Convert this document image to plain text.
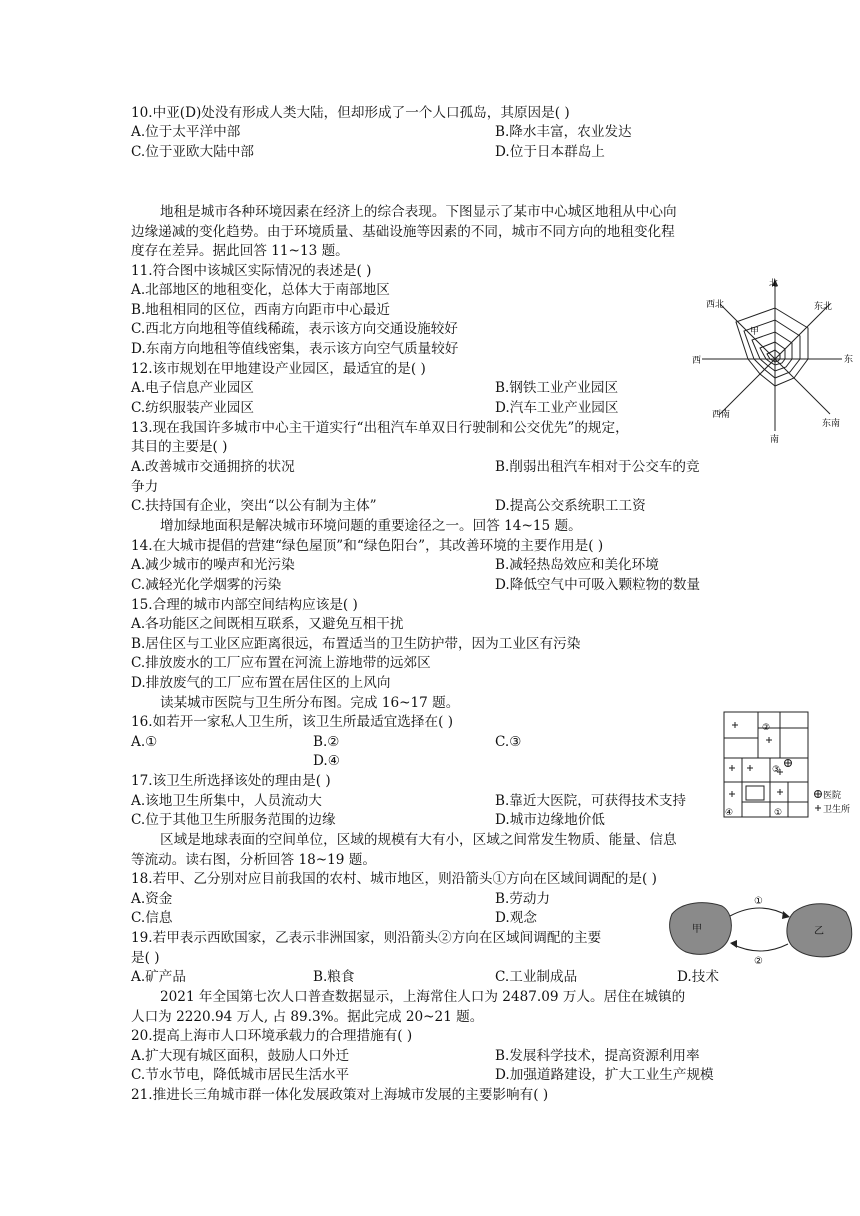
10.中亚(D)处没有形成人类大陆，但却形成了一个人口孤岛，其原因是( )
A.位于太平洋中部	B.降水丰富，农业发达
C.位于亚欧大陆中部	D.位于日本群岛上
地租是城市各种环境因素在经济上的综合表现。下图显示了某市中心城区地租从中心向
边缘递减的变化趋势。由于环境质量、基础设施等因素的不同，城市不同方向的地租变化程
度存在差异。据此回答 11~13 题。
11.符合图中该城区实际情况的表述是( )
A.北部地区的地租变化，总体大于南部地区
B.地租相同的区位，西南方向距市中心最近
C.西北方向地租等值线稀疏，表示该方向交通设施较好
D.东南方向地租等值线密集，表示该方向空气质量较好
12.该市规划在甲地建设产业园区，最适宜的是( )
A.电子信息产业园区	B.钢铁工业产业园区
C.纺织服装产业园区	D.汽车工业产业园区
13.现在我国许多城市中心主干道实行“出租汽车单双日行驶制和公交优先”的规定，
其目的主要是( )
A.改善城市交通拥挤的状况	B.削弱出租汽车相对于公交车的竞
争力
C.扶持国有企业，突出“以公有制为主体”	D.提高公交系统职工工资
增加绿地面积是解决城市环境问题的重要途径之一。回答 14~15 题。
14.在大城市提倡的营建“绿色屋顶”和“绿色阳台”，其改善环境的主要作用是( )
A.减少城市的噪声和光污染	B.减轻热岛效应和美化环境
C.减轻光化学烟雾的污染	D.降低空气中可吸入颗粒物的数量
15.合理的城市内部空间结构应该是( )
A.各功能区之间既相互联系，又避免互相干扰
B.居住区与工业区应距离很远，布置适当的卫生防护带，因为工业区有污染
C.排放废水的工厂应布置在河流上游地带的远郊区
D.排放废气的工厂应布置在居住区的上风向
读某城市医院与卫生所分布图。完成 16~17 题。
16.如若开一家私人卫生所，该卫生所最适宜选择在( )
A.①	B.②	C.③
D.④
17.该卫生所选择该处的理由是( )
A.该地卫生所集中，人员流动大	B.靠近大医院，可获得技术支持
C.位于其他卫生所服务范围的边缘	D.城市边缘地价低
区域是地球表面的空间单位，区域的规模有大有小，区域之间常发生物质、能量、信息
等流动。读右图，分析回答 18~19 题。
18.若甲、乙分别对应目前我国的农村、城市地区，则沿箭头①方向在区域间调配的是( )
A.资金	B.劳动力
C.信息	D.观念
19.若甲表示西欧国家，乙表示非洲国家，则沿箭头②方向在区域间调配的主要
是( )
A.矿产品	B.粮食	C.工业制成品	D.技术
2021 年全国第七次人口普查数据显示，上海常住人口为 2487.09 万人。居住在城镇的
人口为 2220.94 万人, 占 89.3%。据此完成 20~21 题。
20.提高上海市人口环境承载力的合理措施有( )
A.扩大现有城区面积，鼓励人口外迁	B.发展科学技术，提高资源利用率
C.节水节电，降低城市居民生活水平	D.加强道路建设，扩大工业生产规模
21.推进长三角城市群一体化发展政策对上海城市发展的主要影响有( )
北
东北
东
东南
南
西南
西
西北
甲
②
④
③
①
医院
卫生所
①
②
甲	乙
